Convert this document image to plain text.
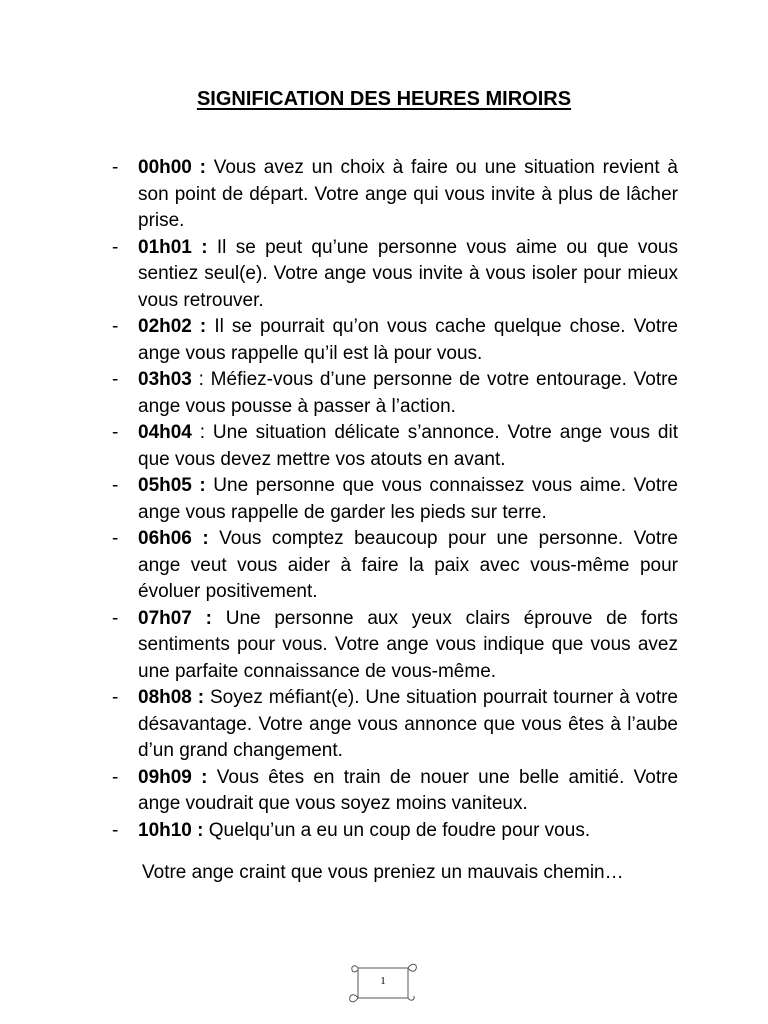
SIGNIFICATION DES HEURES MIROIRS
- 00h00 : Vous avez un choix à faire ou une situation revient à son point de départ. Votre ange qui vous invite à plus de lâcher prise.
- 01h01 : Il se peut qu’une personne vous aime ou que vous sentiez seul(e). Votre ange vous invite à vous isoler pour mieux vous retrouver.
- 02h02 : Il se pourrait qu’on vous cache quelque chose. Votre ange vous rappelle qu’il est là pour vous.
- 03h03 : Méfiez-vous d’une personne de votre entourage. Votre ange vous pousse à passer à l’action.
- 04h04 : Une situation délicate s’annonce. Votre ange vous dit que vous devez mettre vos atouts en avant.
- 05h05 : Une personne que vous connaissez vous aime. Votre ange vous rappelle de garder les pieds sur terre.
- 06h06 : Vous comptez beaucoup pour une personne. Votre ange veut vous aider à faire la paix avec vous-même pour évoluer positivement.
- 07h07 : Une personne aux yeux clairs éprouve de forts sentiments pour vous. Votre ange vous indique que vous avez une parfaite connaissance de vous-même.
- 08h08 : Soyez méfiant(e). Une situation pourrait tourner à votre désavantage. Votre ange vous annonce que vous êtes à l’aube d’un grand changement.
- 09h09 : Vous êtes en train de nouer une belle amitié. Votre ange voudrait que vous soyez moins vaniteux.
- 10h10 : Quelqu’un a eu un coup de foudre pour vous.
Votre ange craint que vous preniez un mauvais chemin…
1
